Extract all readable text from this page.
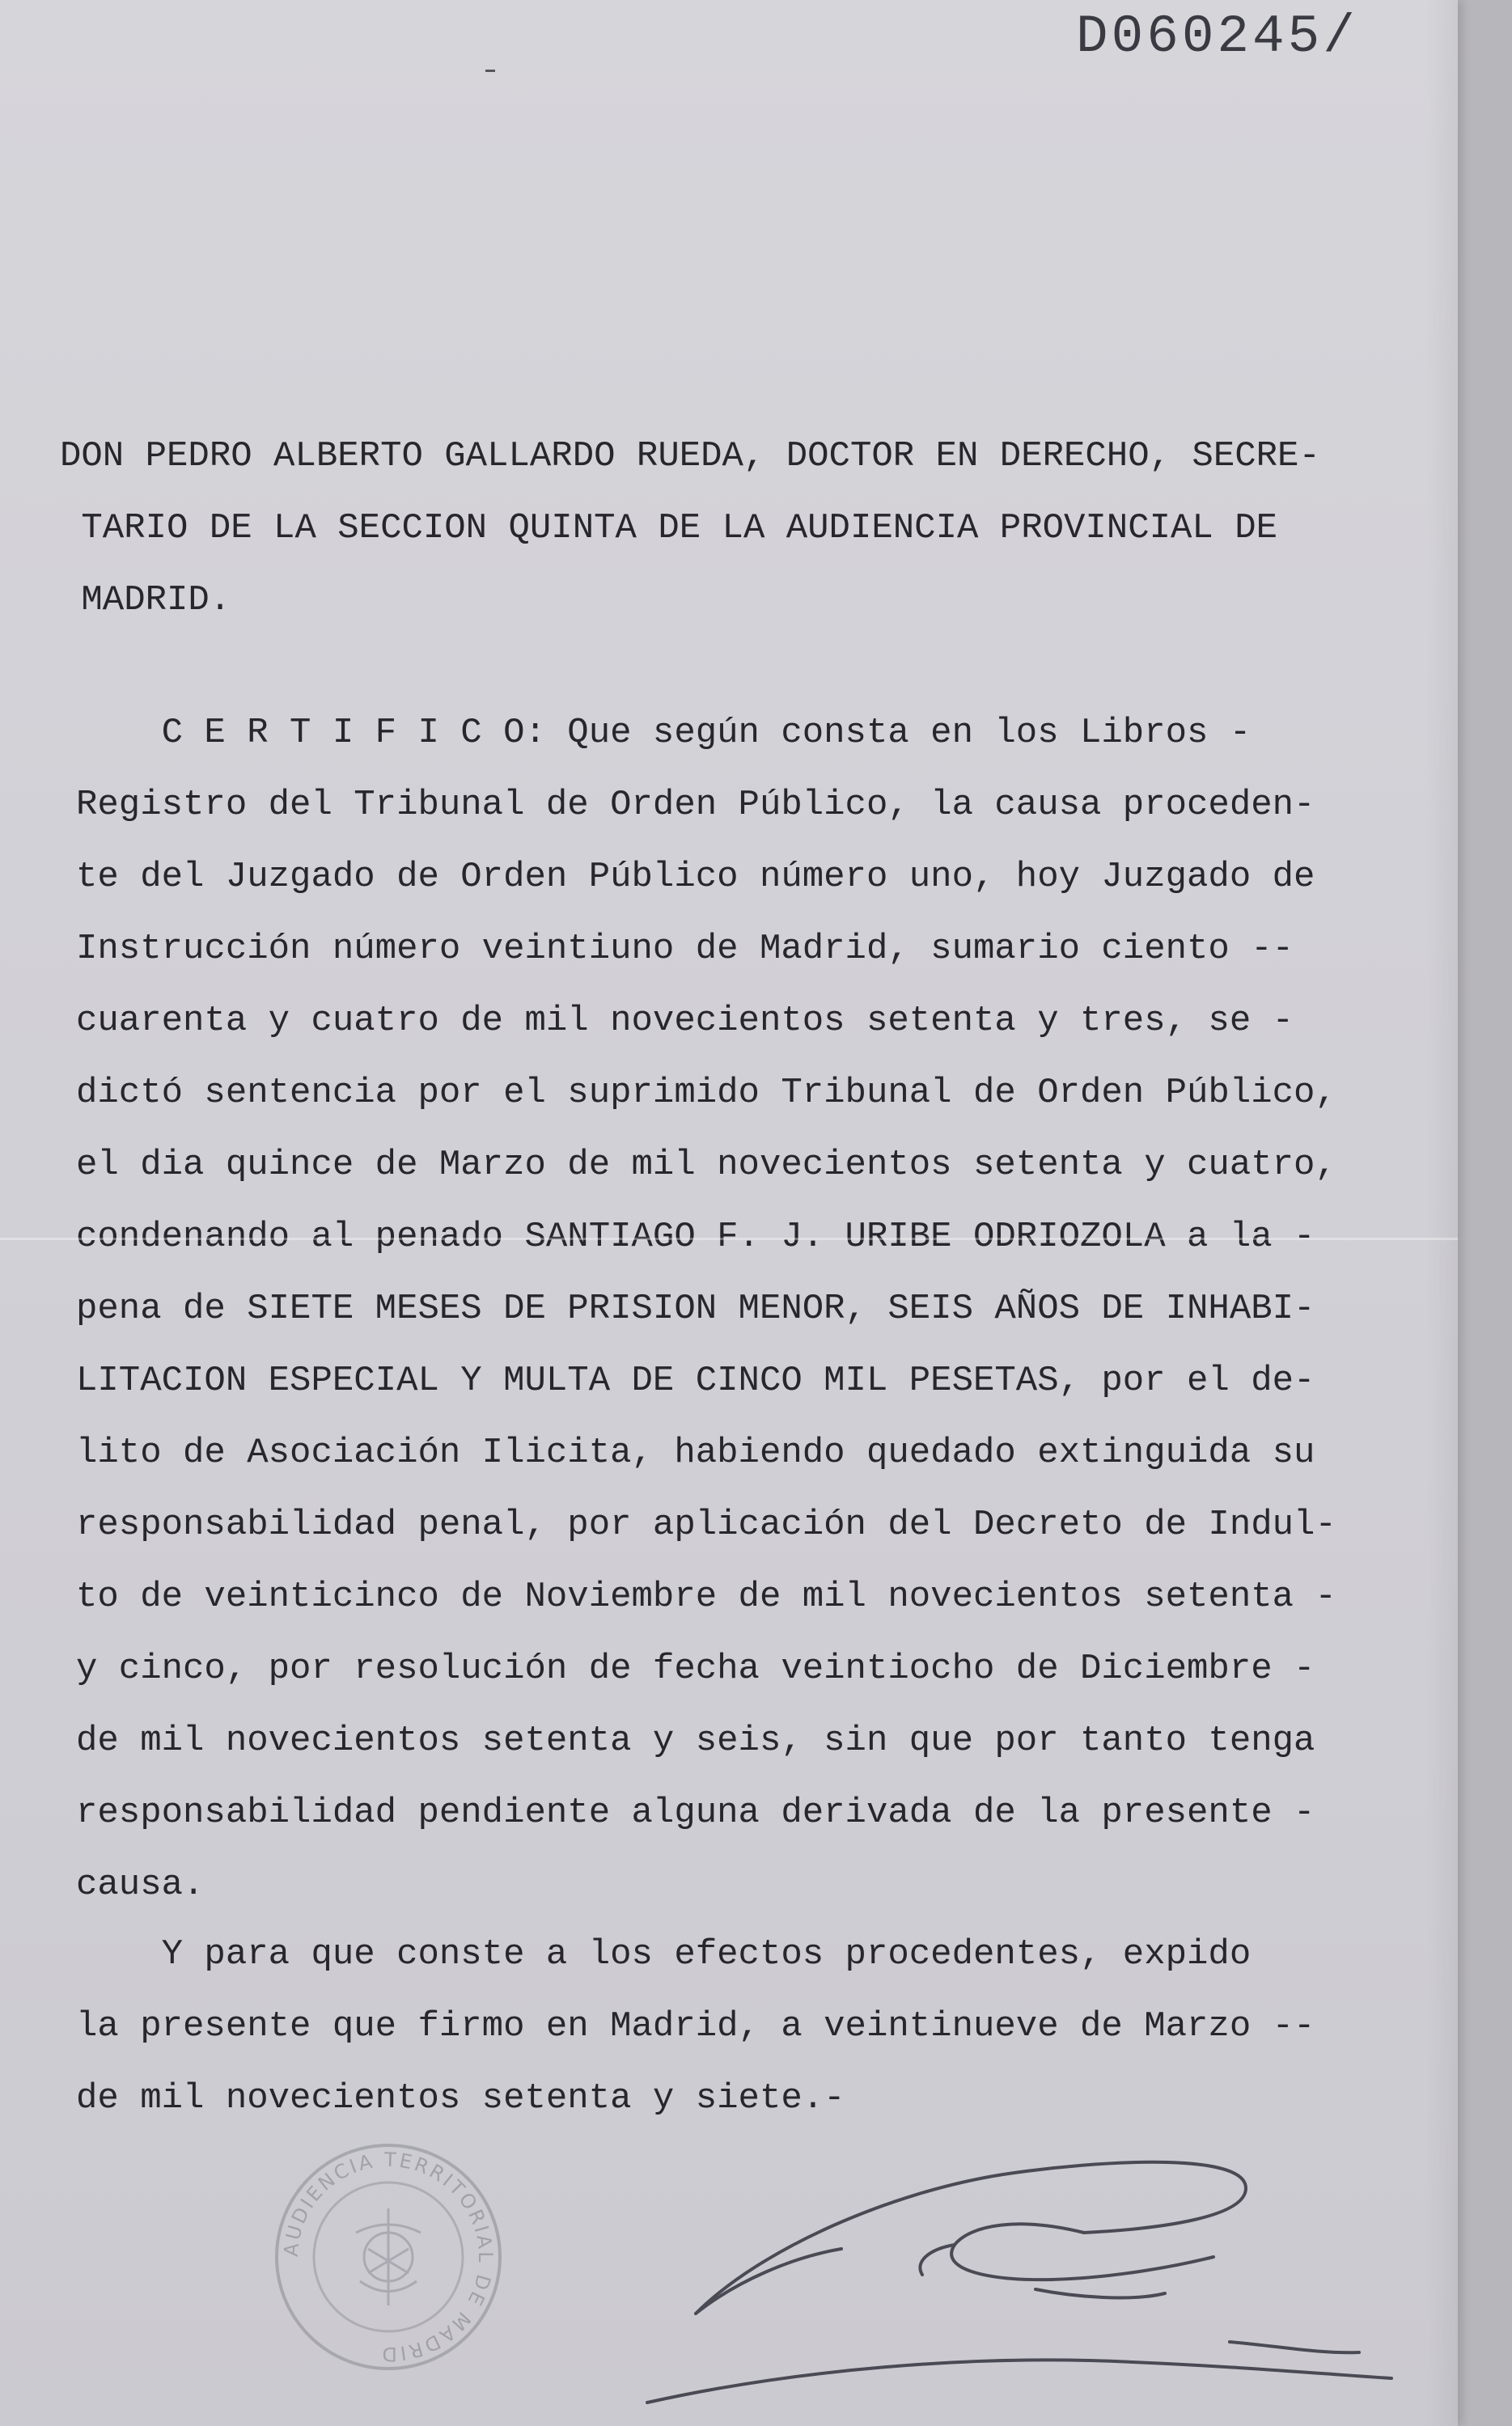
D060245/
DON PEDRO ALBERTO GALLARDO RUEDA, DOCTOR EN DERECHO, SECRE-
TARIO DE LA SECCION QUINTA DE LA AUDIENCIA PROVINCIAL DE
MADRID.
C E R T I F I C O: Que según consta en los Libros -
Registro del Tribunal de Orden Público, la causa proceden-
te del Juzgado de Orden Público número uno, hoy Juzgado de
Instrucción número veintiuno de Madrid, sumario ciento --
cuarenta y cuatro de mil novecientos setenta y tres, se -
dictó sentencia por el suprimido Tribunal de Orden Público,
el dia quince de Marzo de mil novecientos setenta y cuatro,
condenando al penado SANTIAGO F. J. URIBE ODRIOZOLA a la -
pena de SIETE MESES DE PRISION MENOR, SEIS AÑOS DE INHABI-
LITACION ESPECIAL Y MULTA DE CINCO MIL PESETAS, por el de-
lito de Asociación Ilicita, habiendo quedado extinguida su
responsabilidad penal, por aplicación del Decreto de Indul-
to de veinticinco de Noviembre de mil novecientos setenta -
y cinco, por resolución de fecha veintiocho de Diciembre -
de mil novecientos setenta y seis, sin que por tanto tenga
responsabilidad pendiente alguna derivada de la presente -
causa.
Y para que conste a los efectos procedentes, expido
la presente que firmo en Madrid, a veintinueve de Marzo --
de mil novecientos setenta y siete.-
AUDIENCIA TERRITORIAL DE MADRID
